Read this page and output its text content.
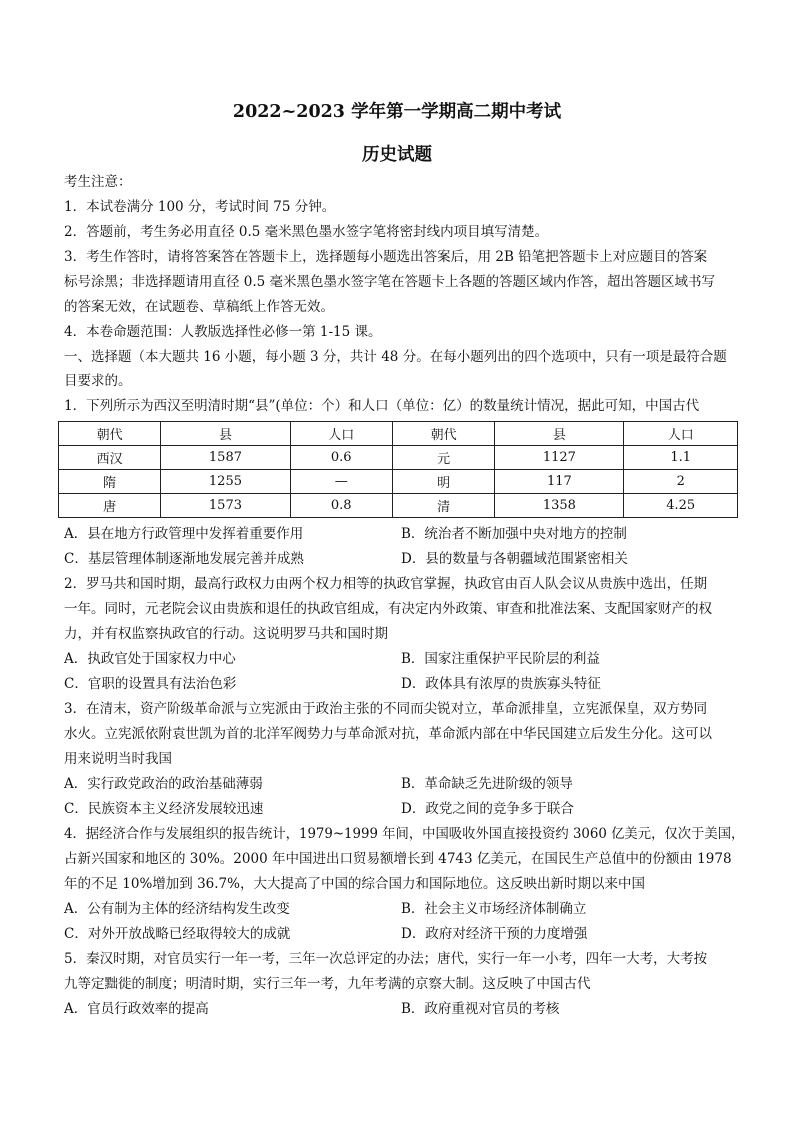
2022~2023 学年第一学期高二期中考试
历史试题
考生注意：
1．本试卷满分 100 分，考试时间 75 分钟。
2．答题前，考生务必用直径 0.5 毫米黑色墨水签字笔将密封线内项目填写清楚。
3．考生作答时，请将答案答在答题卡上，选择题每小题选出答案后，用 2B 铅笔把答题卡上对应题目的答案
标号涂黑；非选择题请用直径 0.5 毫米黑色墨水签字笔在答题卡上各题的答题区域内作答，超出答题区域书写
的答案无效，在试题卷、草稿纸上作答无效。
4．本卷命题范围：人教版选择性必修一第 1-15 课。
一、选择题（本大题共 16 小题，每小题 3 分，共计 48 分。在每小题列出的四个选项中，只有一项是最符合题
目要求的。
1．下列所示为西汉至明清时期“县”(单位：个）和人口（单位：亿）的数量统计情况，据此可知，中国古代
朝代	县	人口	朝代	县	人口
西汉	1587	0.6	元	1127	1.1
隋	1255	—	明	117	2
唐	1573	0.8	清	1358	4.25
A．县在地方行政管理中发挥着重要作用	B．统治者不断加强中央对地方的控制
C．基层管理体制逐渐地发展完善并成熟	D．县的数量与各朝疆域范围紧密相关
2．罗马共和国时期，最高行政权力由两个权力相等的执政官掌握，执政官由百人队会议从贵族中选出，任期
一年。同时，元老院会议由贵族和退任的执政官组成，有决定内外政策、审查和批准法案、支配国家财产的权
力，并有权监察执政官的行动。这说明罗马共和国时期
A．执政官处于国家权力中心	B．国家注重保护平民阶层的利益
C．官职的设置具有法治色彩	D．政体具有浓厚的贵族寡头特征
3．在清末，资产阶级革命派与立宪派由于政治主张的不同而尖锐对立，革命派排皇，立宪派保皇，双方势同
水火。立宪派依附袁世凯为首的北洋军阀势力与革命派对抗，革命派内部在中华民国建立后发生分化。这可以
用来说明当时我国
A．实行政党政治的政治基础薄弱	B．革命缺乏先进阶级的领导
C．民族资本主义经济发展较迅速	D．政党之间的竞争多于联合
4．据经济合作与发展组织的报告统计，1979~1999 年间，中国吸收外国直接投资约 3060 亿美元，仅次于美国，
占新兴国家和地区的 30%。2000 年中国进出口贸易额增长到 4743 亿美元，在国民生产总值中的份额由 1978
年的不足 10%增加到 36.7%，大大提高了中国的综合国力和国际地位。这反映出新时期以来中国
A．公有制为主体的经济结构发生改变	B．社会主义市场经济体制确立
C．对外开放战略已经取得较大的成就	D．政府对经济干预的力度增强
5．秦汉时期，对官员实行一年一考，三年一次总评定的办法；唐代，实行一年一小考，四年一大考，大考按
九等定黜徙的制度；明清时期，实行三年一考，九年考满的京察大制。这反映了中国古代
A．官员行政效率的提高	B．政府重视对官员的考核
